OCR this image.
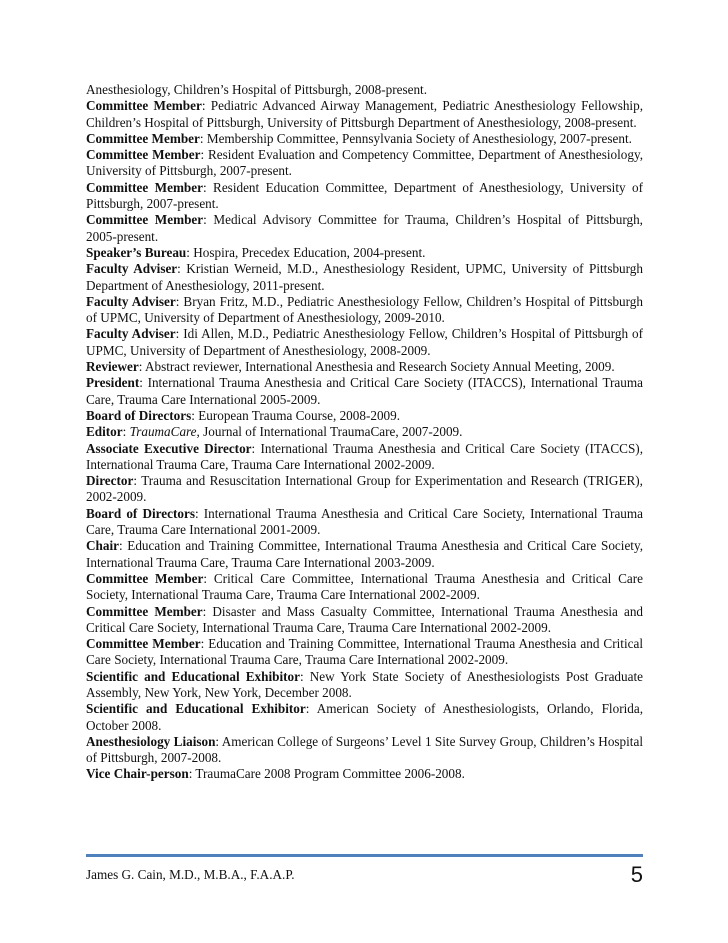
Anesthesiology, Children’s Hospital of Pittsburgh, 2008-present.

Committee Member: Pediatric Advanced Airway Management, Pediatric Anesthesiology Fellowship, Children’s Hospital of Pittsburgh, University of Pittsburgh Department of Anesthesiology, 2008-present.

Committee Member: Membership Committee, Pennsylvania Society of Anesthesiology, 2007-present.

Committee Member: Resident Evaluation and Competency Committee, Department of Anesthesiology, University of Pittsburgh, 2007-present.

Committee Member: Resident Education Committee, Department of Anesthesiology, University of Pittsburgh, 2007-present.

Committee Member: Medical Advisory Committee for Trauma, Children’s Hospital of Pittsburgh, 2005-present.

Speaker’s Bureau: Hospira, Precedex Education, 2004-present.

Faculty Adviser: Kristian Werneid, M.D., Anesthesiology Resident, UPMC, University of Pittsburgh Department of Anesthesiology, 2011-present.

Faculty Adviser: Bryan Fritz, M.D., Pediatric Anesthesiology Fellow, Children’s Hospital of Pittsburgh of UPMC, University of Department of Anesthesiology, 2009-2010.

Faculty Adviser: Idi Allen, M.D., Pediatric Anesthesiology Fellow, Children’s Hospital of Pittsburgh of UPMC, University of Department of Anesthesiology, 2008-2009.

Reviewer: Abstract reviewer, International Anesthesia and Research Society Annual Meeting, 2009.

President: International Trauma Anesthesia and Critical Care Society (ITACCS), International Trauma Care, Trauma Care International 2005-2009.

Board of Directors: European Trauma Course, 2008-2009.

Editor: TraumaCare, Journal of International TraumaCare, 2007-2009.

Associate Executive Director: International Trauma Anesthesia and Critical Care Society (ITACCS), International Trauma Care, Trauma Care International 2002-2009.

Director: Trauma and Resuscitation International Group for Experimentation and Research (TRIGER), 2002-2009.

Board of Directors: International Trauma Anesthesia and Critical Care Society, International Trauma Care, Trauma Care International 2001-2009.

Chair: Education and Training Committee, International Trauma Anesthesia and Critical Care Society, International Trauma Care, Trauma Care International 2003-2009.

Committee Member: Critical Care Committee, International Trauma Anesthesia and Critical Care Society, International Trauma Care, Trauma Care International 2002-2009.

Committee Member: Disaster and Mass Casualty Committee, International Trauma Anesthesia and Critical Care Society, International Trauma Care, Trauma Care International 2002-2009.

Committee Member: Education and Training Committee, International Trauma Anesthesia and Critical Care Society, International Trauma Care, Trauma Care International 2002-2009.

Scientific and Educational Exhibitor: New York State Society of Anesthesiologists Post Graduate Assembly, New York, New York, December 2008.

Scientific and Educational Exhibitor: American Society of Anesthesiologists, Orlando, Florida, October 2008.

Anesthesiology Liaison: American College of Surgeons’ Level 1 Site Survey Group, Children’s Hospital of Pittsburgh, 2007-2008.

Vice Chair-person: TraumaCare 2008 Program Committee 2006-2008.

James G. Cain, M.D., M.B.A., F.A.A.P.	5
